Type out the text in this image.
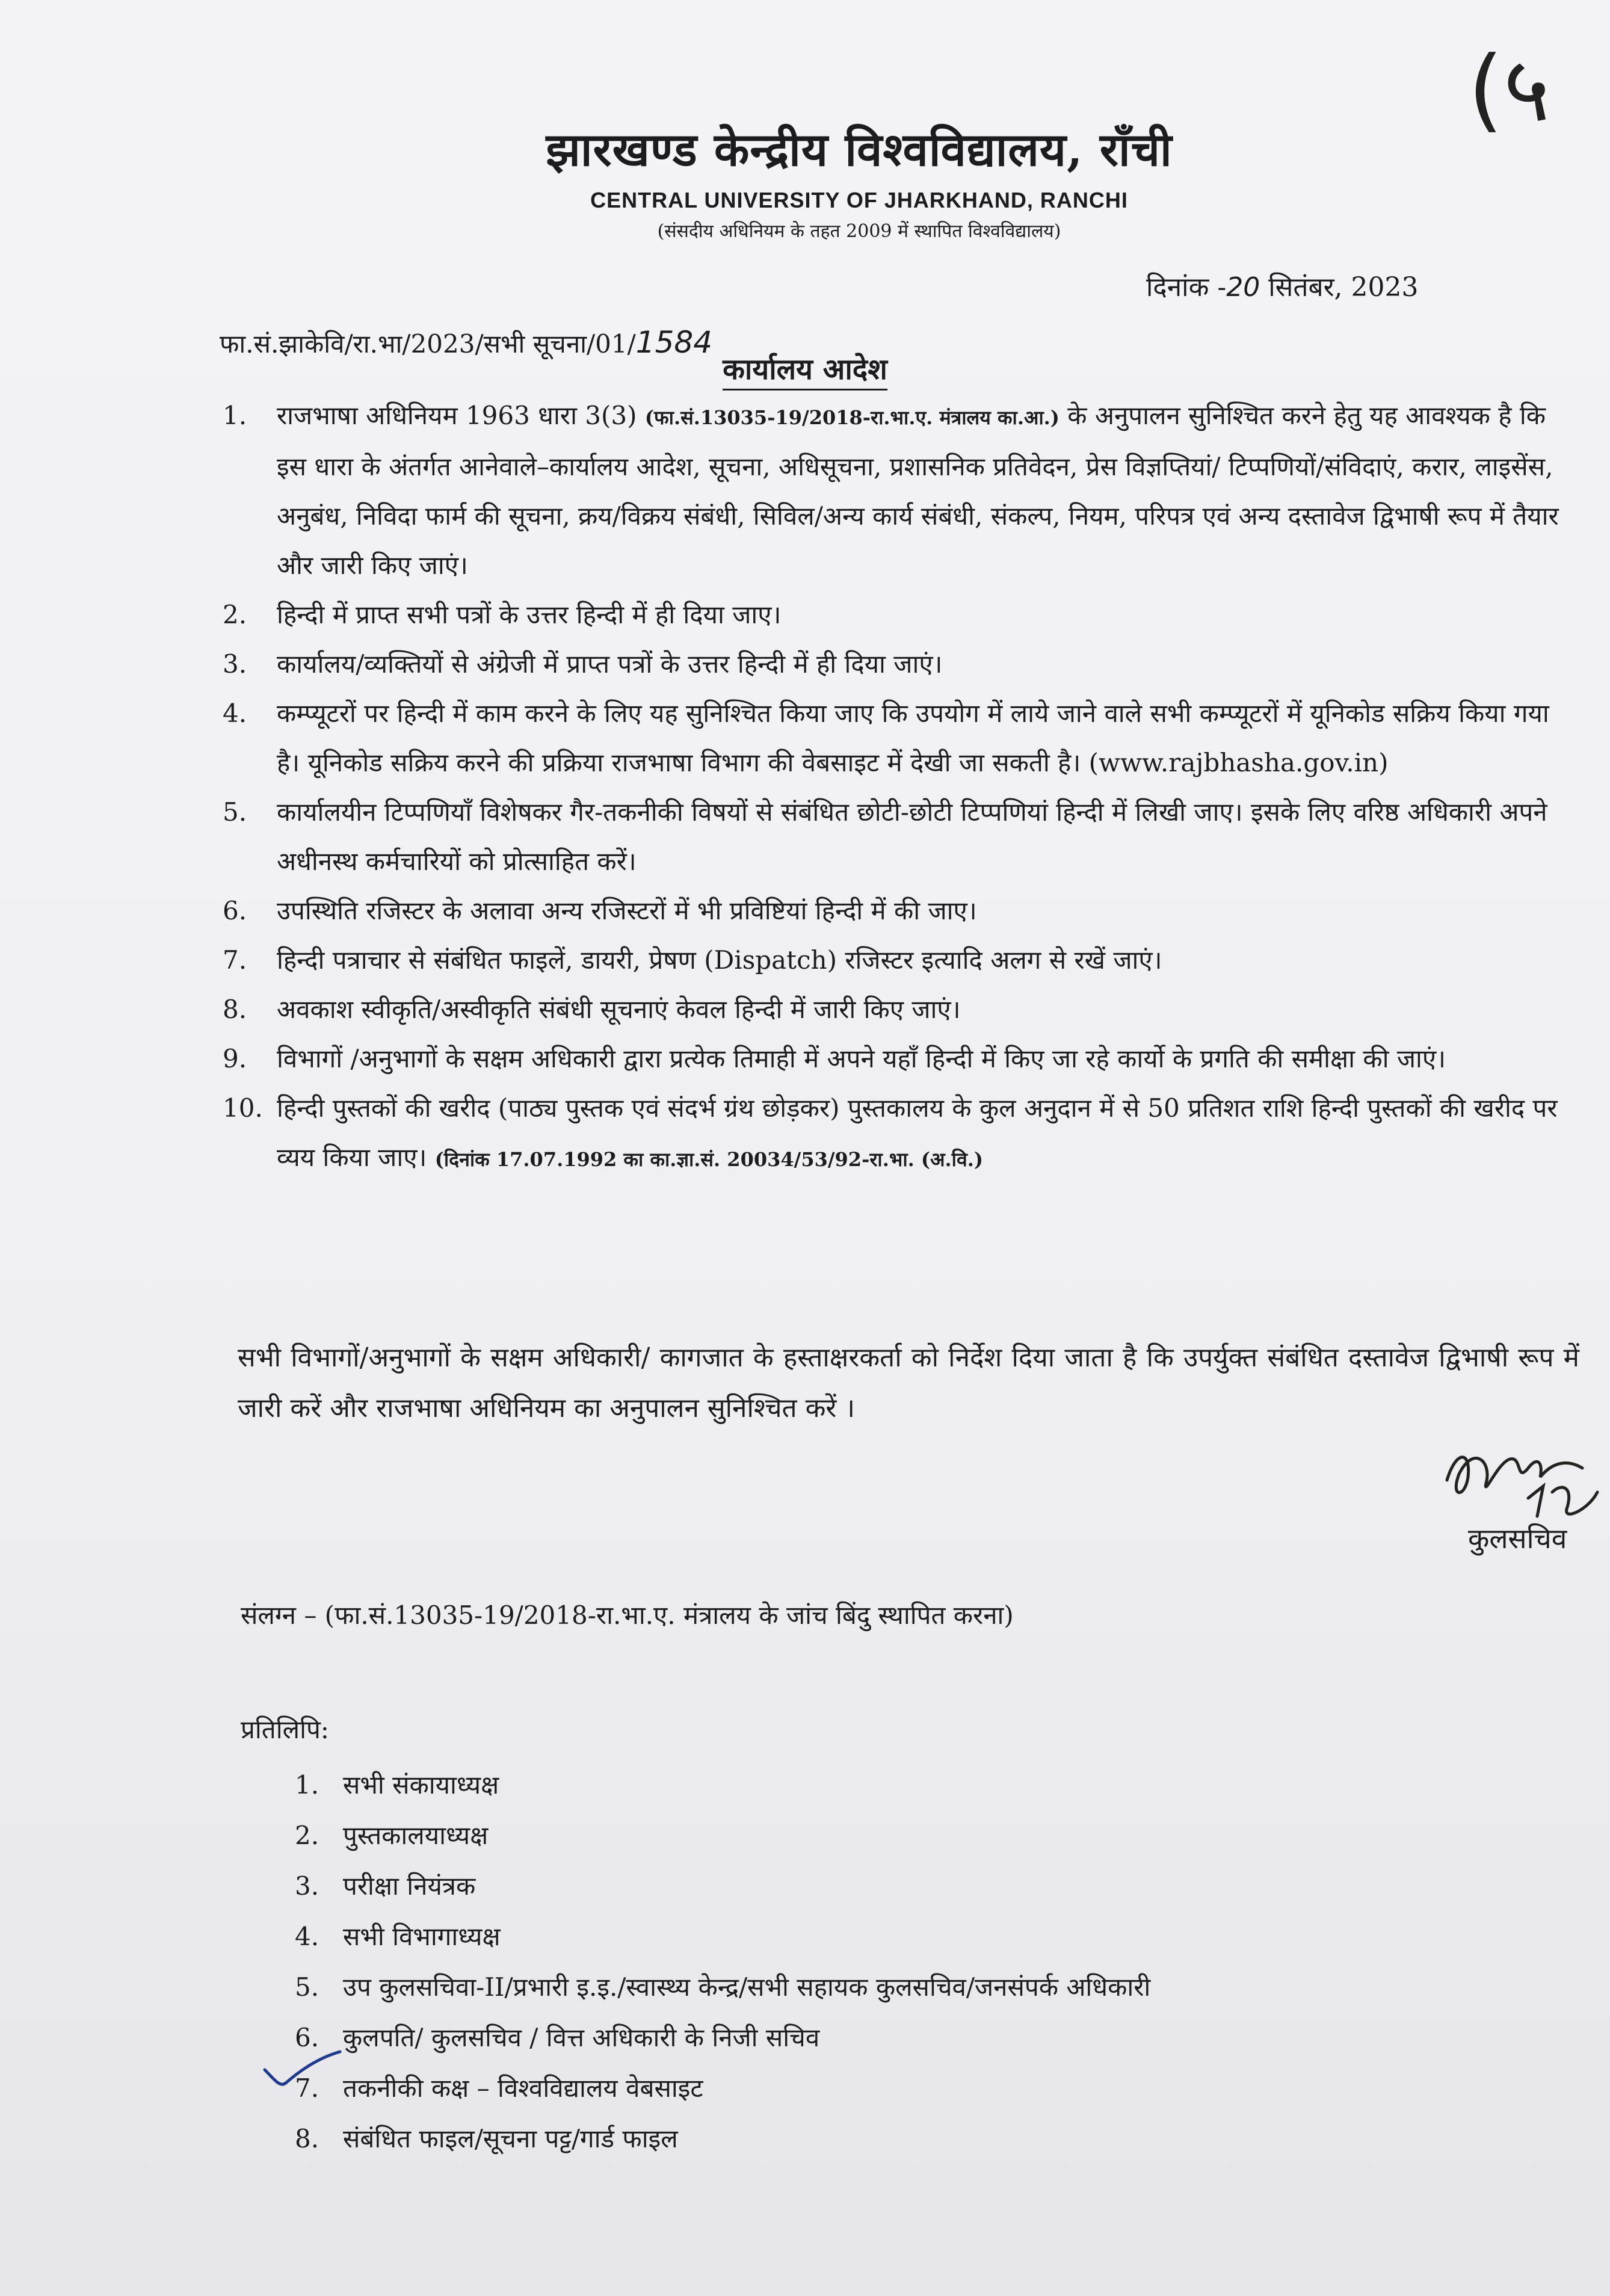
(५
झारखण्ड केन्द्रीय विश्वविद्यालय, राँची
CENTRAL UNIVERSITY OF JHARKHAND, RANCHI
(संसदीय अधिनियम के तहत 2009 में स्थापित विश्वविद्यालय)
दिनांक -20 सितंबर, 2023
फा.सं.झाकेवि/रा.भा/2023/सभी सूचना/01/1584
कार्यालय आदेश
1. राजभाषा अधिनियम 1963 धारा 3(3) (फा.सं.13035-19/2018-रा.भा.ए. मंत्रालय का.आ.) के अनुपालन सुनिश्चित करने हेतु यह आवश्यक है कि इस धारा के अंतर्गत आनेवाले–कार्यालय आदेश, सूचना, अधिसूचना, प्रशासनिक प्रतिवेदन, प्रेस विज्ञप्तियां/ टिप्पणियों/संविदाएं, करार, लाइसेंस, अनुबंध, निविदा फार्म की सूचना, क्रय/विक्रय संबंधी, सिविल/अन्य कार्य संबंधी, संकल्प, नियम, परिपत्र एवं अन्य दस्तावेज द्विभाषी रूप में तैयार और जारी किए जाएं।
2. हिन्दी में प्राप्त सभी पत्रों के उत्तर हिन्दी में ही दिया जाए।
3. कार्यालय/व्यक्तियों से अंग्रेजी में प्राप्त पत्रों के उत्तर हिन्दी में ही दिया जाएं।
4. कम्प्यूटरों पर हिन्दी में काम करने के लिए यह सुनिश्चित किया जाए कि उपयोग में लाये जाने वाले सभी कम्प्यूटरों में यूनिकोड सक्रिय किया गया है। यूनिकोड सक्रिय करने की प्रक्रिया राजभाषा विभाग की वेबसाइट में देखी जा सकती है। (www.rajbhasha.gov.in)
5. कार्यालयीन टिप्पणियाँ विशेषकर गैर-तकनीकी विषयों से संबंधित छोटी-छोटी टिप्पणियां हिन्दी में लिखी जाए। इसके लिए वरिष्ठ अधिकारी अपने अधीनस्थ कर्मचारियों को प्रोत्साहित करें।
6. उपस्थिति रजिस्टर के अलावा अन्य रजिस्टरों में भी प्रविष्टियां हिन्दी में की जाए।
7. हिन्दी पत्राचार से संबंधित फाइलें, डायरी, प्रेषण (Dispatch) रजिस्टर इत्यादि अलग से रखें जाएं।
8. अवकाश स्वीकृति/अस्वीकृति संबंधी सूचनाएं केवल हिन्दी में जारी किए जाएं।
9. विभागों /अनुभागों के सक्षम अधिकारी द्वारा प्रत्येक तिमाही में अपने यहाँ हिन्दी में किए जा रहे कार्यो के प्रगति की समीक्षा की जाएं।
10. हिन्दी पुस्तकों की खरीद (पाठ्य पुस्तक एवं संदर्भ ग्रंथ छोड़कर) पुस्तकालय के कुल अनुदान में से 50 प्रतिशत राशि हिन्दी पुस्तकों की खरीद पर व्यय किया जाए। (दिनांक 17.07.1992 का का.ज्ञा.सं. 20034/53/92-रा.भा. (अ.वि.)
सभी विभागों/अनुभागों के सक्षम अधिकारी/ कागजात के हस्ताक्षरकर्ता को निर्देश दिया जाता है कि उपर्युक्त संबंधित दस्तावेज द्विभाषी रूप में जारी करें और राजभाषा अधिनियम का अनुपालन सुनिश्चित करें ।
कुलसचिव
संलग्न – (फा.सं.13035-19/2018-रा.भा.ए. मंत्रालय के जांच बिंदु स्थापित करना)
प्रतिलिपि:
1. सभी संकायाध्यक्ष
2. पुस्तकालयाध्यक्ष
3. परीक्षा नियंत्रक
4. सभी विभागाध्यक्ष
5. उप कुलसचिवा-II/प्रभारी इ.इ./स्वास्थ्य केन्द्र/सभी सहायक कुलसचिव/जनसंपर्क अधिकारी
6. कुलपति/ कुलसचिव / वित्त अधिकारी के निजी सचिव
7. तकनीकी कक्ष – विश्वविद्यालय वेबसाइट
8. संबंधित फाइल/सूचना पट्ट/गार्ड फाइल
